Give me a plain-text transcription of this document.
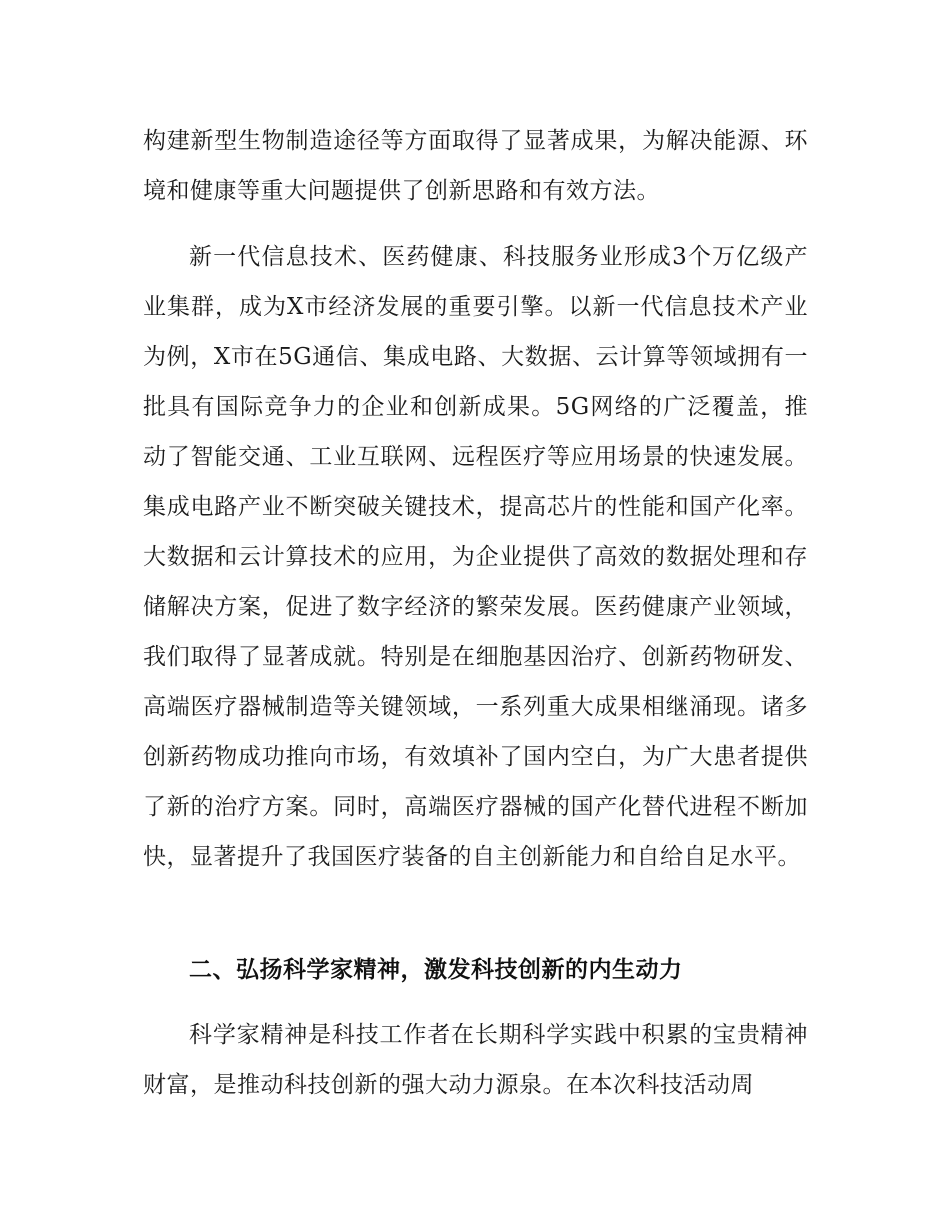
构建新型生物制造途径等方面取得了显著成果，为解决能源、环境和健康等重大问题提供了创新思路和有效方法。

新一代信息技术、医药健康、科技服务业形成3个万亿级产业集群，成为X市经济发展的重要引擎。以新一代信息技术产业为例，X市在5G通信、集成电路、大数据、云计算等领域拥有一批具有国际竞争力的企业和创新成果。5G网络的广泛覆盖，推动了智能交通、工业互联网、远程医疗等应用场景的快速发展。集成电路产业不断突破关键技术，提高芯片的性能和国产化率。大数据和云计算技术的应用，为企业提供了高效的数据处理和存储解决方案，促进了数字经济的繁荣发展。医药健康产业领域，我们取得了显著成就。特别是在细胞基因治疗、创新药物研发、高端医疗器械制造等关键领域，一系列重大成果相继涌现。诸多创新药物成功推向市场，有效填补了国内空白，为广大患者提供了新的治疗方案。同时，高端医疗器械的国产化替代进程不断加快，显著提升了我国医疗装备的自主创新能力和自给自足水平。

二、弘扬科学家精神，激发科技创新的内生动力

科学家精神是科技工作者在长期科学实践中积累的宝贵精神财富，是推动科技创新的强大动力源泉。在本次科技活动周
